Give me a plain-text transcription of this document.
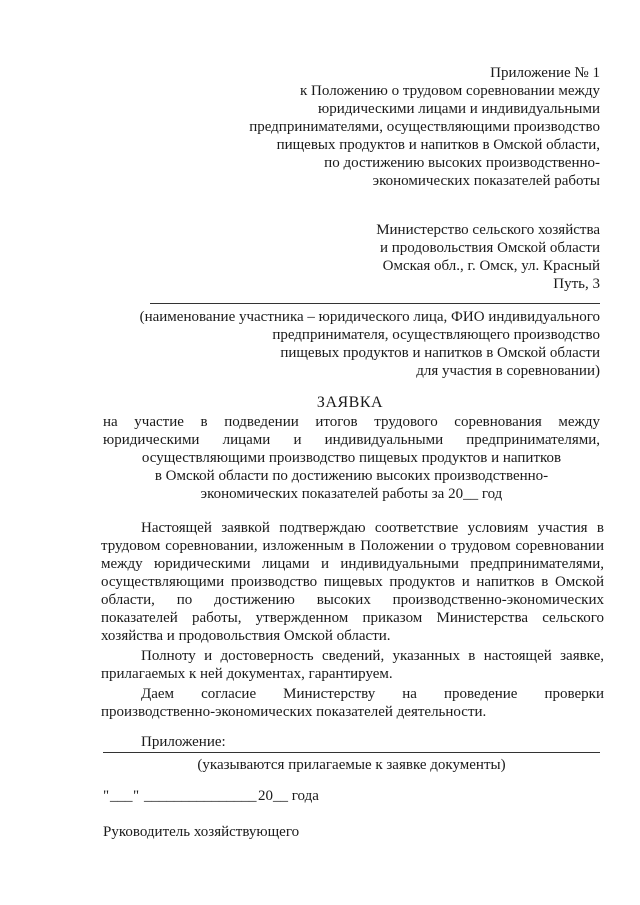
Приложение № 1
к Положению о трудовом соревновании между
юридическими лицами и индивидуальными
предпринимателями, осуществляющими производство
пищевых продуктов и напитков в Омской области,
по достижению высоких производственно-
экономических показателей работы
Министерство сельского хозяйства
и продовольствия Омской области
Омская обл., г. Омск, ул. Красный
Путь, 3
(наименование участника – юридического лица, ФИО индивидуального
предпринимателя, осуществляющего производство
пищевых продуктов и напитков в Омской области
для участия в соревновании)
ЗАЯВКА
на участие в подведении итогов трудового соревнования между
юридическими лицами и индивидуальными предпринимателями,
осуществляющими производство пищевых продуктов и напитков
в Омской области по достижению высоких производственно-
экономических показателей работы за 20__ год
Настоящей заявкой подтверждаю соответствие условиям участия в
трудовом соревновании, изложенным в Положении о трудовом соревновании
между юридическими лицами и индивидуальными предпринимателями,
осуществляющими производство пищевых продуктов и напитков в Омской
области, по достижению высоких производственно-экономических
показателей работы, утвержденном приказом Министерства сельского
хозяйства и продовольствия Омской области.
Полноту и достоверность сведений, указанных в настоящей заявке,
прилагаемых к ней документах, гарантируем.
Даем согласие Министерству на проведение проверки
производственно-экономических показателей деятельности.
Приложение:
(указываются прилагаемые к заявке документы)
" ___ " _______________ 20__ года
Руководитель хозяйствующего
